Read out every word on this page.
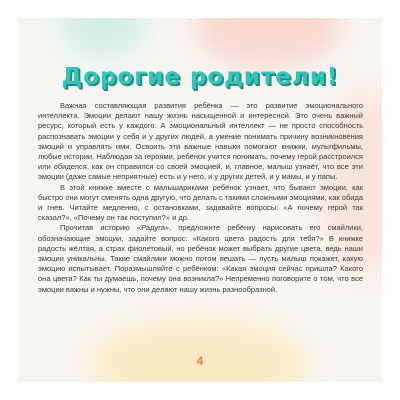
Дорогие родители!

Важная составляющая развития ребёнка — это развитие эмоционального интеллекта. Эмоции делают нашу жизнь насыщенной и интересной. Это очень важный ресурс, который есть у каждого. А эмоциональный интеллект — не просто способность распознавать эмоции у себя и у других людей, а умение понимать причину возникновения эмоций и управлять ими. Освоить эти важные навыки помогают книжки, мультфильмы, любые истории. Наблюдая за героями, ребёнок учится понимать, почему герой расстроился или обиделся, как он справился со своей эмоцией, и, главное, малыш узнаёт, что все эти эмоции (даже самые неприятные) есть и у него, и у других детей, и у мамы, и у папы.

В этой книжке вместе с малышариками ребёнок узнает, что бывают эмоции, как быстро они могут сменять одна другую, что делать с такими сложными эмоциями, как обида и гнев. Читайте медленно, с остановками, задавайте вопросы: «А почему герой так сказал?», «Почему он так поступил?» и др.

Прочитав историю «Радуга», предложите ребёнку нарисовать его смайлики, обозначающие эмоции, задайте вопрос: «Какого цвета радость для тебя?» В книжке радость жёлтая, а страх фиолетовый, но ребёнок может выбрать другие цвета, ведь наши эмоции уникальны. Такие смайлики можно потом вешать — пусть малыш покажет, какую эмоцию испытывает. Поразмышляйте с ребёнком: «Какая эмоция сейчас пришла? Какого она цвета? Как ты думаешь, почему она возникла?» Непременно поговорите о том, что все эмоции важны и нужны, что они делают нашу жизнь разнообразной.

4
